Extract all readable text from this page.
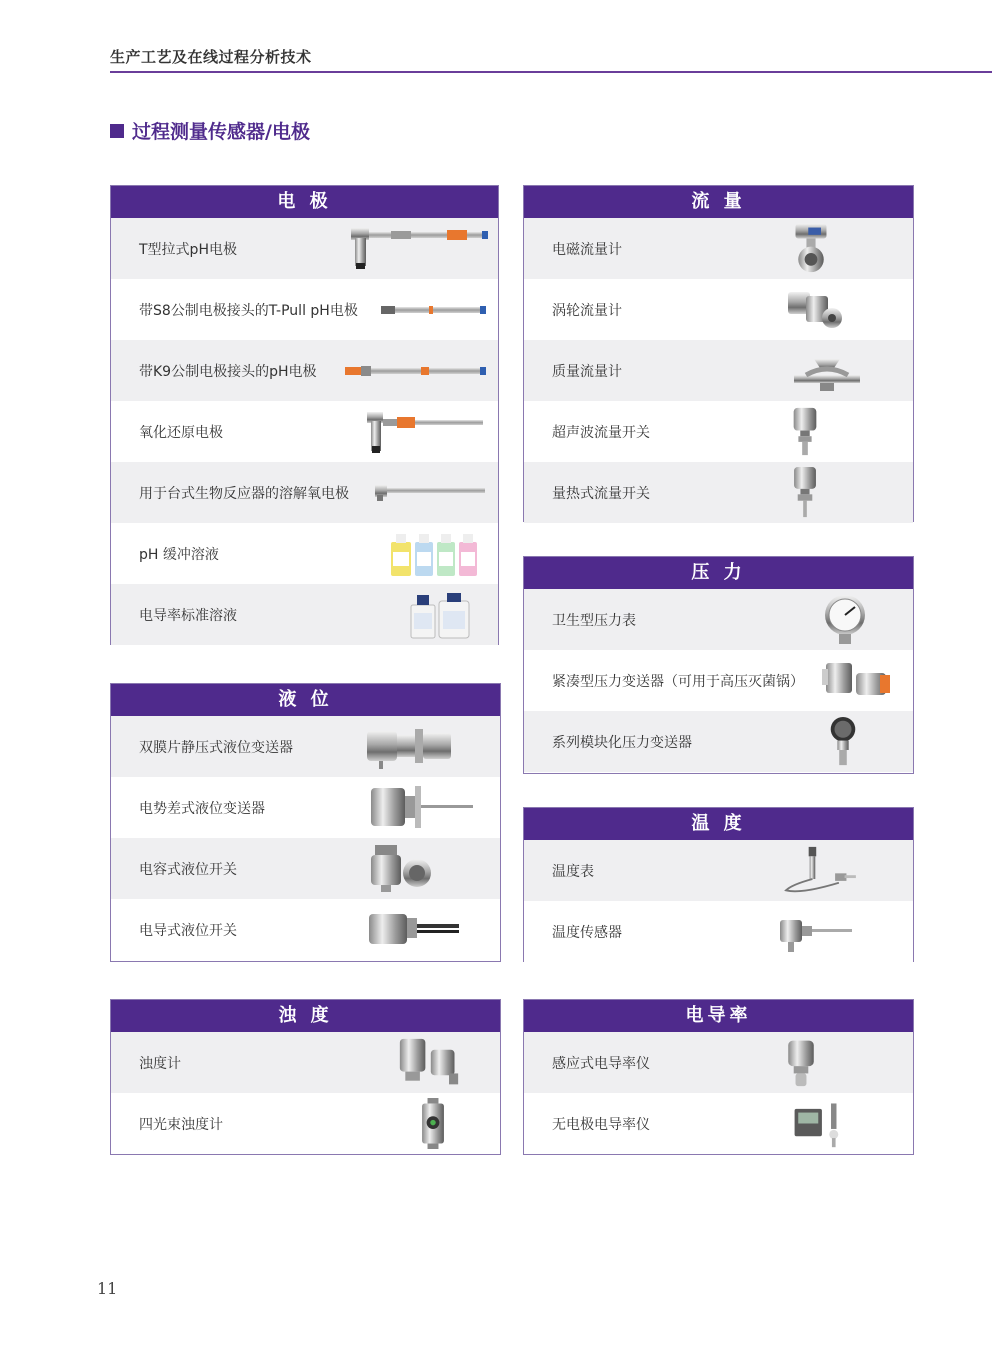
生产工艺及在线过程分析技术
过程测量传感器/电极
电 极
T型拉式pH电极
带S8公制电极接头的T-Pull pH电极
带K9公制电极接头的pH电极
氧化还原电极
用于台式生物反应器的溶解氧电极
pH 缓冲溶液
电导率标准溶液
流 量
电磁流量计
涡轮流量计
质量流量计
超声波流量开关
量热式流量开关
压 力
卫生型压力表
紧凑型压力变送器（可用于高压灭菌锅）
系列模块化压力变送器
液 位
双膜片静压式液位变送器
电势差式液位变送器
电容式液位开关
电导式液位开关
温 度
温度表
温度传感器
浊 度
浊度计
四光束浊度计
电导率
感应式电导率仪
无电极电导率仪
11
